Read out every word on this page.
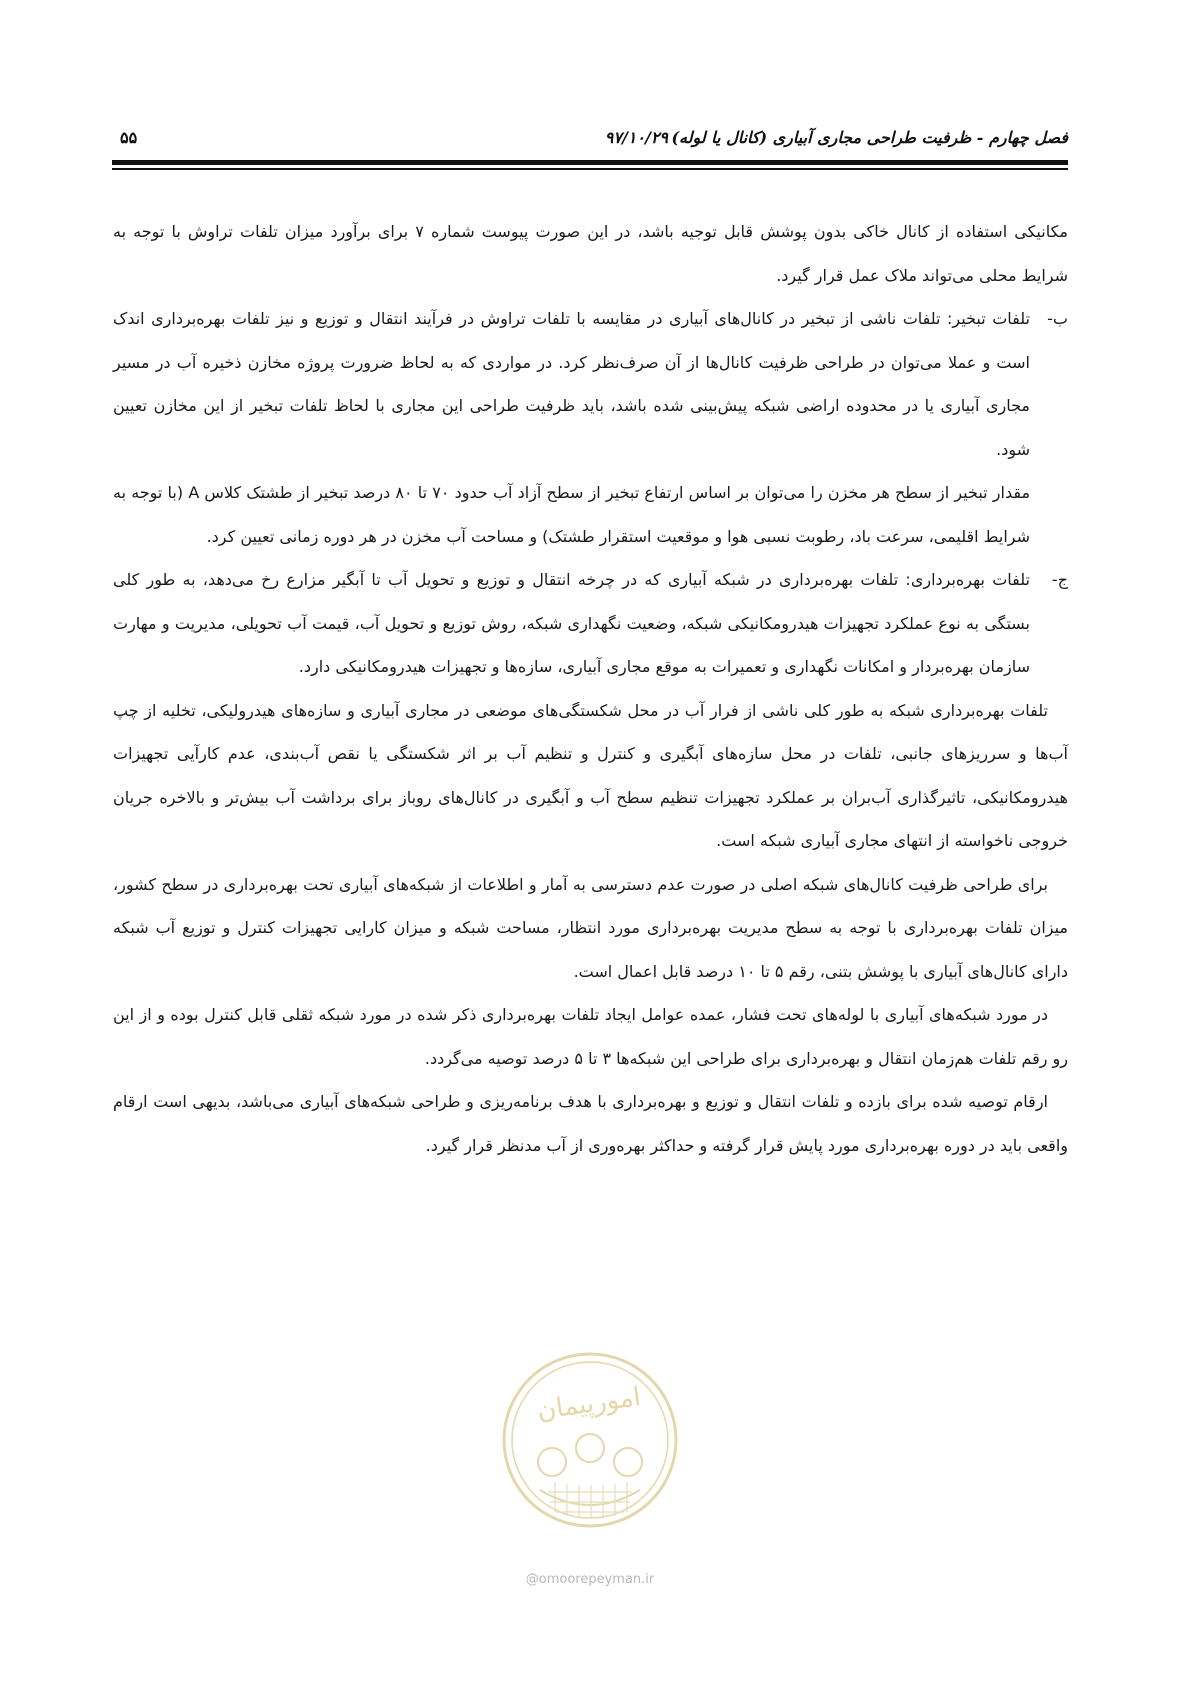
فصل چهارم - ظرفیت طراحی مجاری آبیاری (کانال یا لوله)
۹۷/۱۰/۲۹
۵۵

مکانیکی استفاده از کانال خاکی بدون پوشش قابل توجیه باشد، در این صورت پیوست شماره ۷ برای برآورد میزان تلفات تراوش با توجه به شرایط محلی می‌تواند ملاک عمل قرار گیرد.

ب-

تلفات تبخیر: تلفات ناشی از تبخیر در کانال‌های آبیاری در مقایسه با تلفات تراوش در فرآیند انتقال و توزیع و نیز تلفات بهره‌برداری اندک است و عملا می‌توان در طراحی ظرفیت کانال‌ها از آن صرف‌نظر کرد. در مواردی که به لحاظ ضرورت پروژه مخازن ذخیره آب در مسیر مجاری آبیاری یا در محدوده اراضی شبکه پیش‌بینی شده باشد، باید ظرفیت طراحی این مجاری با لحاظ تلفات تبخیر از این مخازن تعیین شود.

مقدار تبخیر از سطح هر مخزن را می‌توان بر اساس ارتفاع تبخیر از سطح آزاد آب حدود ۷۰ تا ۸۰ درصد تبخیر از طشتک کلاس A (با توجه به شرایط اقلیمی، سرعت باد، رطوبت نسبی هوا و موقعیت استقرار طشتک) و مساحت آب مخزن در هر دوره زمانی تعیین کرد.

ج-

تلفات بهره‌برداری: تلفات بهره‌برداری در شبکه آبیاری که در چرخه انتقال و توزیع و تحویل آب تا آبگیر مزارع رخ می‌دهد، به طور کلی بستگی به نوع عملکرد تجهیزات هیدرومکانیکی شبکه، وضعیت نگهداری شبکه، روش توزیع و تحویل آب، قیمت آب تحویلی، مدیریت و مهارت سازمان بهره‌بردار و امکانات نگهداری و تعمیرات به موقع مجاری آبیاری، سازه‌ها و تجهیزات هیدرومکانیکی دارد.

تلفات بهره‌برداری شبکه به طور کلی ناشی از فرار آب در محل شکستگی‌های موضعی در مجاری آبیاری و سازه‌های هیدرولیکی، تخلیه از چپ آب‌ها و سرریزهای جانبی، تلفات در محل سازه‌های آبگیری و کنترل و تنظیم آب بر اثر شکستگی یا نقص آب‌بندی، عدم کارآیی تجهیزات هیدرومکانیکی، تاثیرگذاری آب‌بران بر عملکرد تجهیزات تنظیم سطح آب و آبگیری در کانال‌های روباز برای برداشت آب بیش‌تر و بالاخره جریان خروجی ناخواسته از انتهای مجاری آبیاری شبکه است.

برای طراحی ظرفیت کانال‌های شبکه اصلی در صورت عدم دسترسی به آمار و اطلاعات از شبکه‌های آبیاری تحت بهره‌برداری در سطح کشور، میزان تلفات بهره‌برداری با توجه به سطح مدیریت بهره‌برداری مورد انتظار، مساحت شبکه و میزان کارایی تجهیزات کنترل و توزیع آب شبکه دارای کانال‌های آبیاری با پوشش بتنی، رقم ۵ تا ۱۰ درصد قابل اعمال است.

در مورد شبکه‌های آبیاری با لوله‌های تحت فشار، عمده عوامل ایجاد تلفات بهره‌برداری ذکر شده در مورد شبکه ثقلی قابل کنترل بوده و از این رو رقم تلفات هم‌زمان انتقال و بهره‌برداری برای طراحی این شبکه‌ها ۳ تا ۵ درصد توصیه می‌گردد.

ارقام توصیه شده برای بازده و تلفات انتقال و توزیع و بهره‌برداری با هدف برنامه‌ریزی و طراحی شبکه‌های آبیاری می‌باشد، بدیهی است ارقام واقعی باید در دوره بهره‌برداری مورد پایش قرار گرفته و حداکثر بهره‌وری از آب مدنظر قرار گیرد.

امورپیمان
@omoorepeyman.ir
